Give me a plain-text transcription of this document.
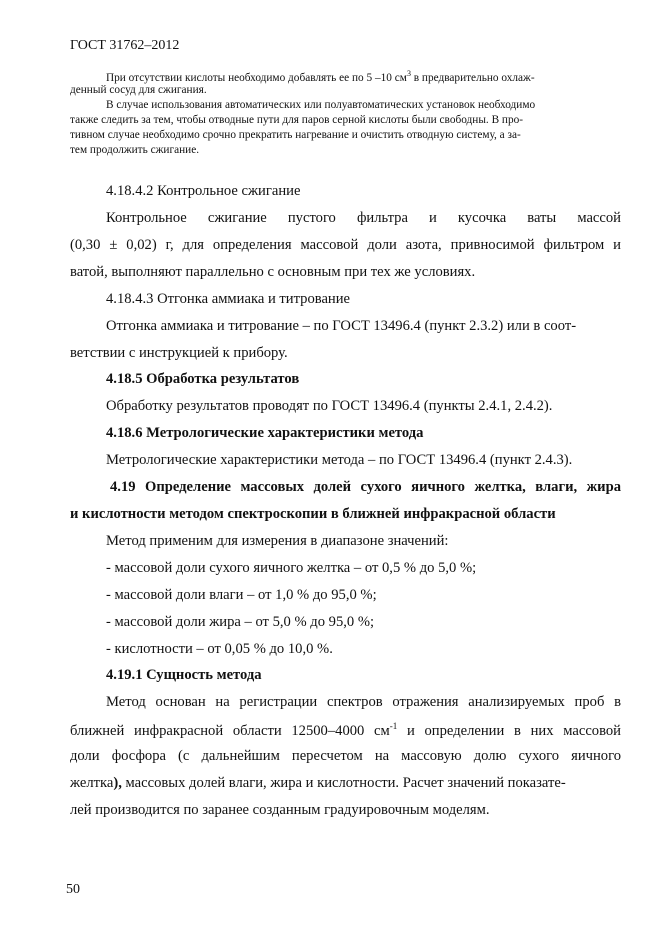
ГОСТ 31762–2012
При отсутствии кислоты необходимо добавлять ее по 5 –10 $см^3$ в предварительно охлаж-
денный сосуд для сжигания.
В случае использования автоматических или полуавтоматических установок необходимо
также следить за тем, чтобы отводные пути для паров серной кислоты были свободны. В про-
тивном случае необходимо срочно прекратить нагревание и очистить отводную систему, а за-
тем продолжить сжигание.
4.18.4.2 Контрольное сжигание
Контрольное сжигание пустого фильтра и кусочка ваты массой
(0,30 ± 0,02) г, для определения массовой доли азота, привносимой фильтром и
ватой, выполняют параллельно с основным при тех же условиях.
4.18.4.3 Отгонка аммиака и титрование
Отгонка аммиака и титрование – по ГОСТ 13496.4 (пункт 2.3.2) или в соот-
ветствии с инструкцией к прибору.
4.18.5 Обработка результатов
Обработку результатов проводят по ГОСТ 13496.4 (пункты 2.4.1, 2.4.2).
4.18.6 Метрологические характеристики метода
Метрологические характеристики метода – по ГОСТ 13496.4 (пункт 2.4.3).
4.19 Определение массовых долей сухого яичного желтка, влаги, жира
и кислотности методом спектроскопии в ближней инфракрасной области
Метод применим для измерения в диапазоне значений:
- массовой доли сухого яичного желтка – от 0,5 % до 5,0 %;
- массовой доли влаги – от 1,0 % до 95,0 %;
- массовой доли жира – от 5,0 % до 95,0 %;
- кислотности – от 0,05 % до 10,0 %.
4.19.1 Сущность метода
Метод основан на регистрации спектров отражения анализируемых проб в
ближней инфракрасной области 12500–4000 $см^{-1}$ и определении в них массовой
доли фосфора (с дальнейшим пересчетом на массовую долю сухого яичного
желтка), массовых долей влаги, жира и кислотности. Расчет значений показате-
лей производится по заранее созданным градуировочным моделям.
50
